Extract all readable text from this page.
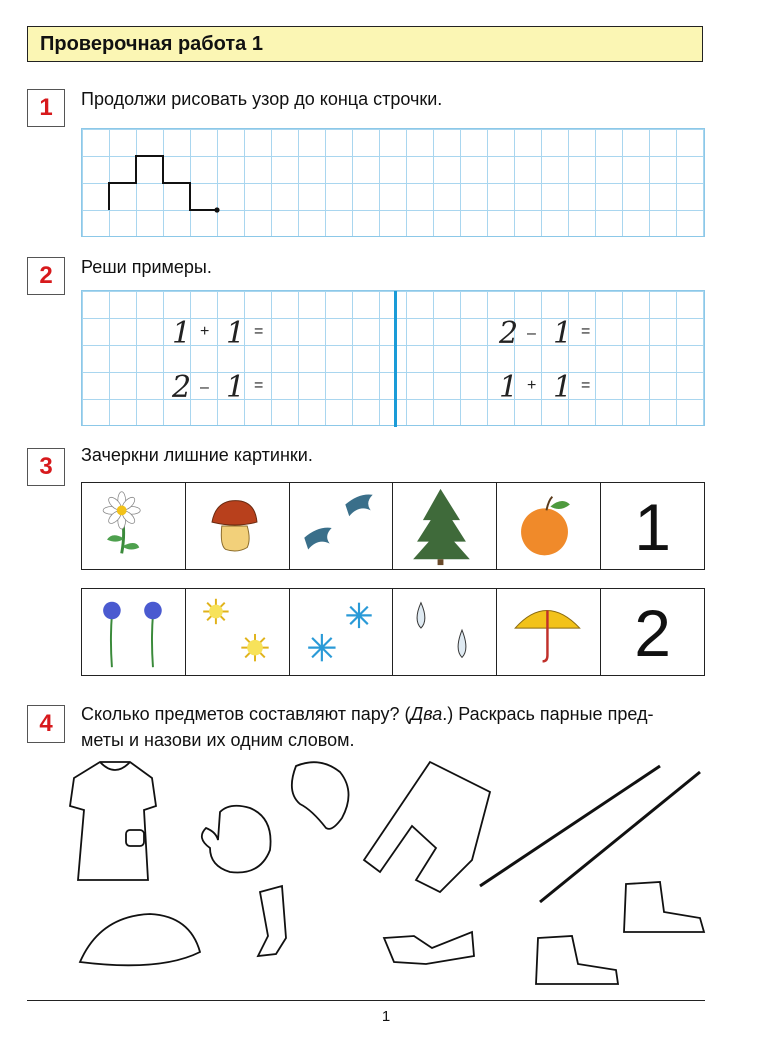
Проверочная работа 1
1	Продолжи рисовать узор до конца строчки.
2	Реши примеры.
1 + 1 =
2 – 1 =
2 – 1 =
1 + 1 =
3	Зачеркни лишние картинки.
1
2
4	Сколько предметов составляют пару? (Два.) Раскрась парные пред-
меты и назови их одним словом.
1
